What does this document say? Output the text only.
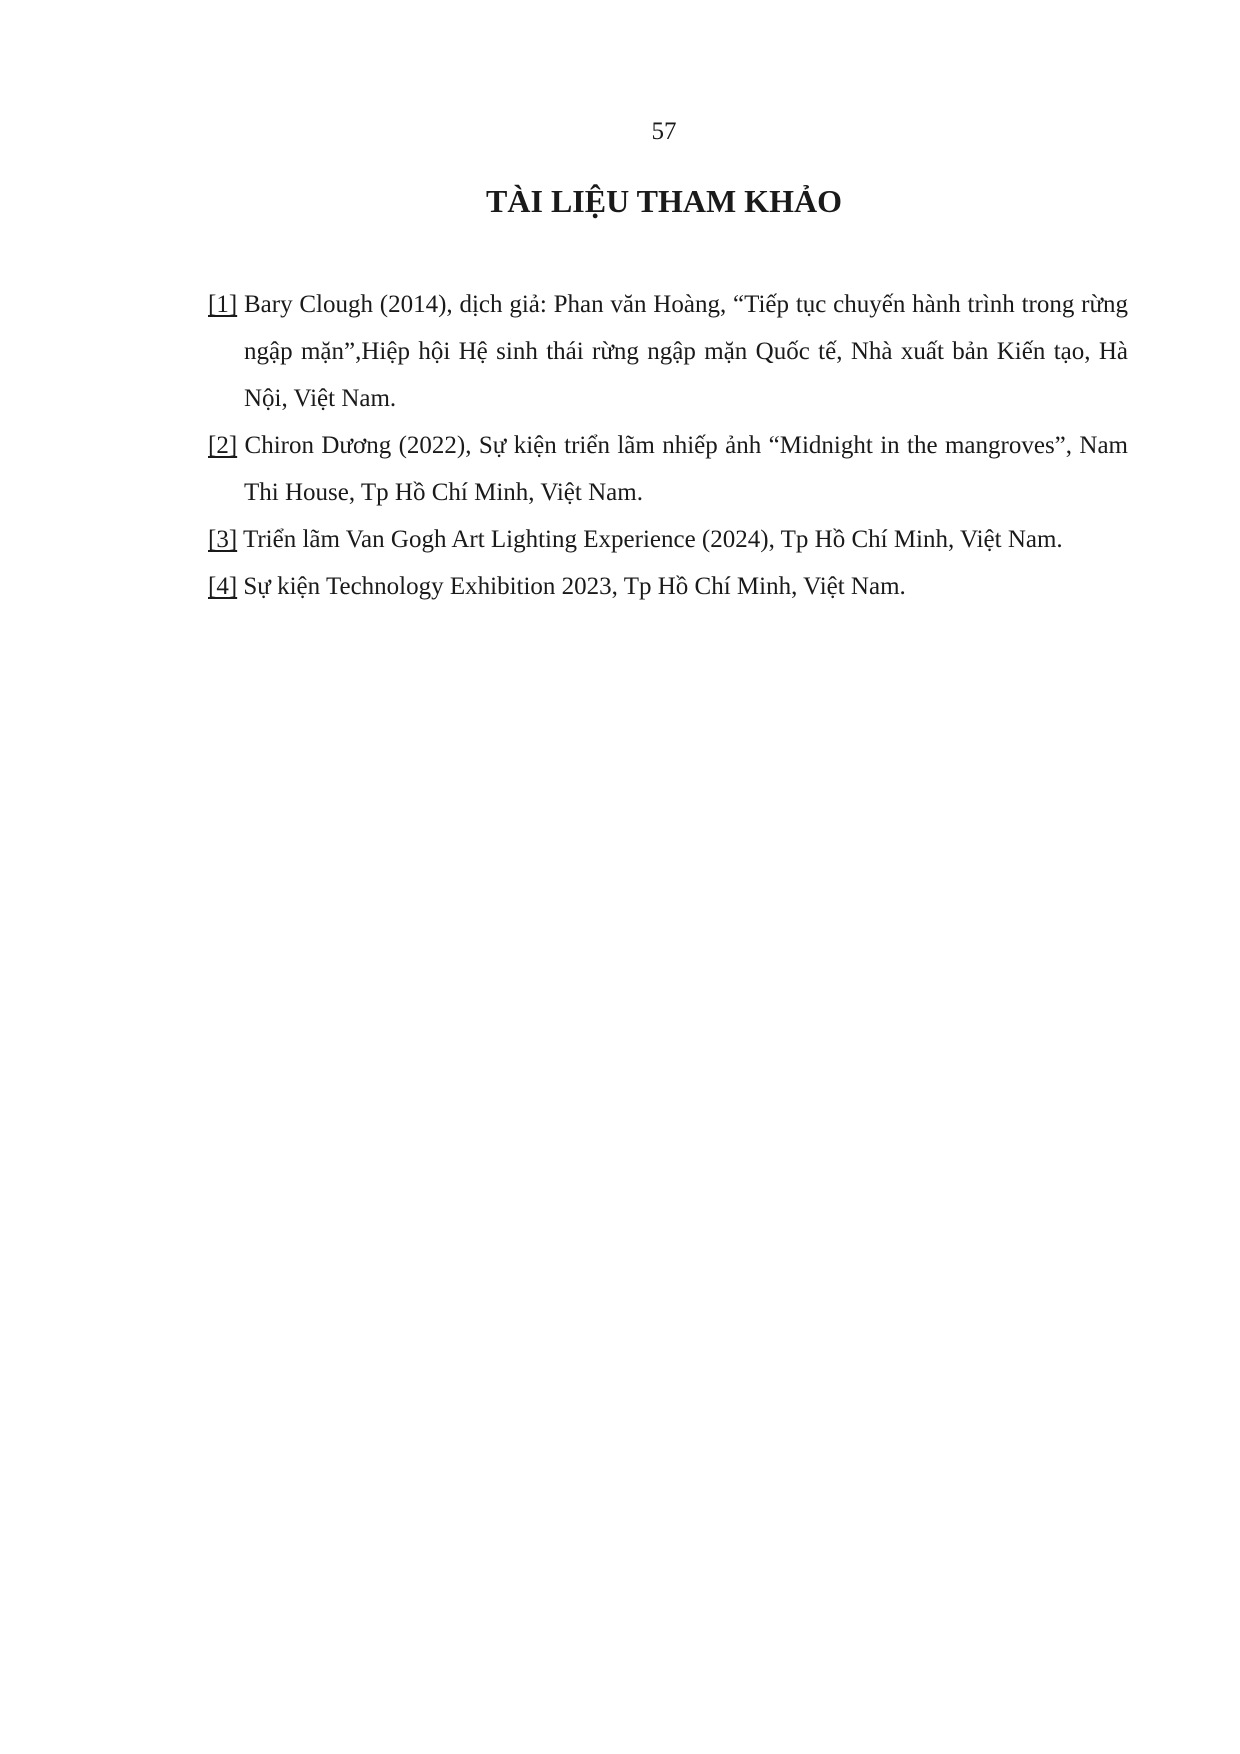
57
TÀI LIỆU THAM KHẢO
[1] Bary Clough (2014), dịch giả: Phan văn Hoàng, “Tiếp tục chuyến hành trình trong rừng ngập mặn”,Hiệp hội Hệ sinh thái rừng ngập mặn Quốc tế, Nhà xuất bản Kiến tạo, Hà Nội, Việt Nam.
[2] Chiron Dương (2022), Sự kiện triển lãm nhiếp ảnh “Midnight in the mangroves”, Nam Thi House, Tp Hồ Chí Minh, Việt Nam.
[3] Triển lãm Van Gogh Art Lighting Experience (2024), Tp Hồ Chí Minh, Việt Nam.
[4] Sự kiện Technology Exhibition 2023, Tp Hồ Chí Minh, Việt Nam.
